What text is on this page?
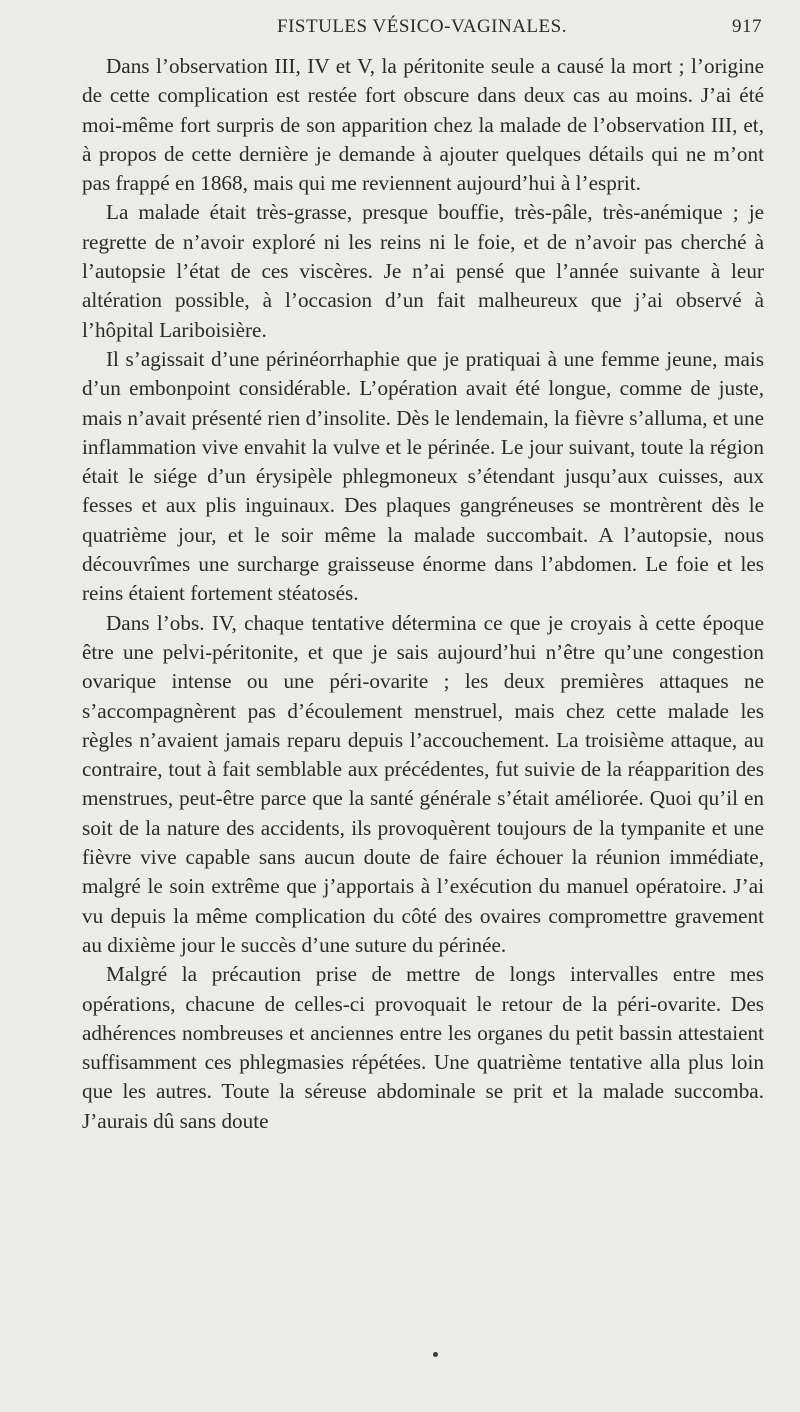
FISTULES VÉSICO-VAGINALES.	917

Dans l’observation III, IV et V, la péritonite seule a causé la mort ; l’origine de cette complication est restée fort obscure dans deux cas au moins. J’ai été moi-même fort surpris de son apparition chez la malade de l’observation III, et, à propos de cette dernière je demande à ajouter quelques détails qui ne m’ont pas frappé en 1868, mais qui me reviennent aujourd’hui à l’esprit.

La malade était très-grasse, presque bouffie, très-pâle, très-anémique ; je regrette de n’avoir exploré ni les reins ni le foie, et de n’avoir pas cherché à l’autopsie l’état de ces viscères. Je n’ai pensé que l’année suivante à leur altération possible, à l’occasion d’un fait malheureux que j’ai observé à l’hôpital Lariboisière.

Il s’agissait d’une périnéorrhaphie que je pratiquai à une femme jeune, mais d’un embonpoint considérable. L’opération avait été longue, comme de juste, mais n’avait présenté rien d’insolite. Dès le lendemain, la fièvre s’alluma, et une inflammation vive envahit la vulve et le périnée. Le jour suivant, toute la région était le siége d’un érysipèle phlegmoneux s’étendant jusqu’aux cuisses, aux fesses et aux plis inguinaux. Des plaques gangréneuses se montrèrent dès le quatrième jour, et le soir même la malade succombait. A l’autopsie, nous découvrîmes une surcharge graisseuse énorme dans l’abdomen. Le foie et les reins étaient fortement stéatosés.

Dans l’obs. IV, chaque tentative détermina ce que je croyais à cette époque être une pelvi-péritonite, et que je sais aujourd’hui n’être qu’une congestion ovarique intense ou une péri-ovarite ; les deux premières attaques ne s’accompagnèrent pas d’écoulement menstruel, mais chez cette malade les règles n’avaient jamais reparu depuis l’accouchement. La troisième attaque, au contraire, tout à fait semblable aux précédentes, fut suivie de la réapparition des menstrues, peut-être parce que la santé générale s’était améliorée. Quoi qu’il en soit de la nature des accidents, ils provoquèrent toujours de la tympanite et une fièvre vive capable sans aucun doute de faire échouer la réunion immédiate, malgré le soin extrême que j’apportais à l’exécution du manuel opératoire. J’ai vu depuis la même complication du côté des ovaires compromettre gravement au dixième jour le succès d’une suture du périnée.

Malgré la précaution prise de mettre de longs intervalles entre mes opérations, chacune de celles-ci provoquait le retour de la péri-ovarite. Des adhérences nombreuses et anciennes entre les organes du petit bassin attestaient suffisamment ces phlegmasies répétées. Une quatrième tentative alla plus loin que les autres. Toute la séreuse abdominale se prit et la malade succomba. J’aurais dû sans doute
